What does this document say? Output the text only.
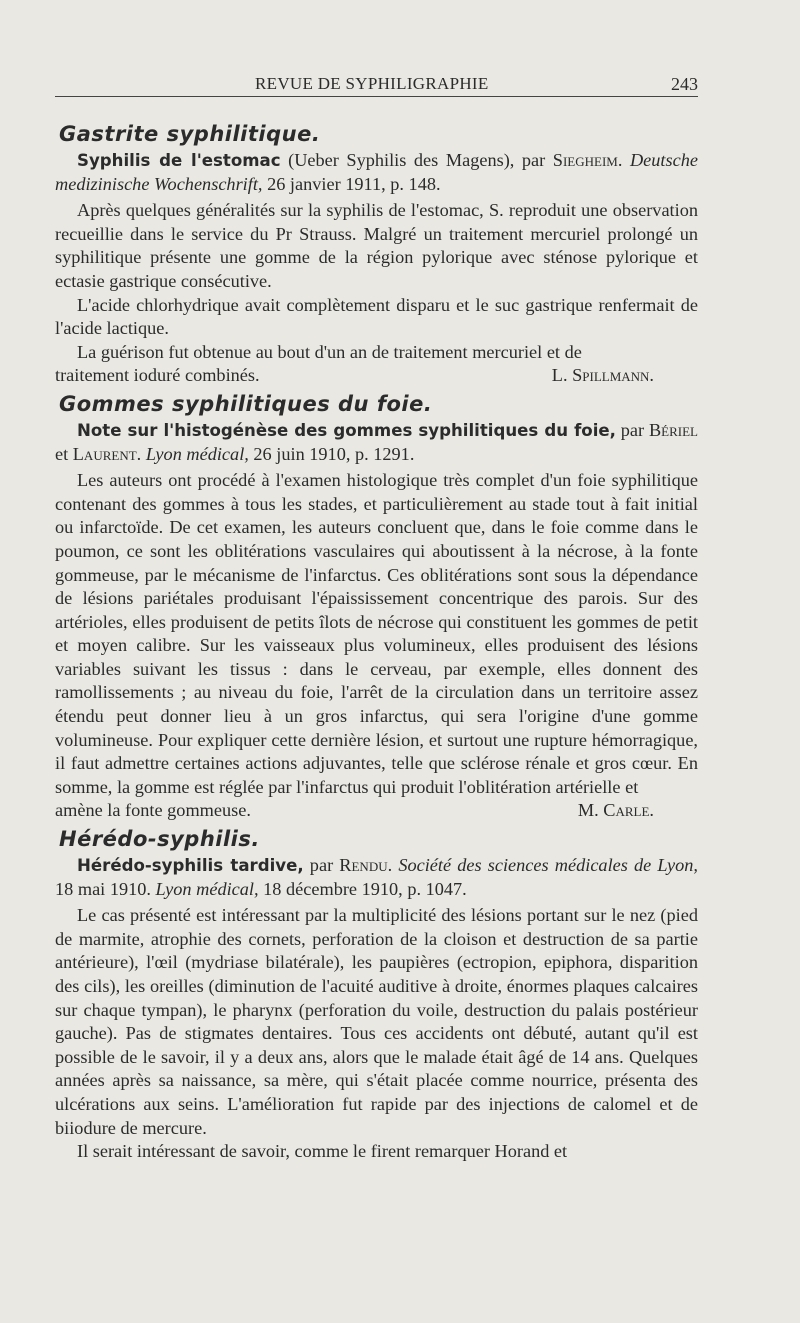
REVUE DE SYPHILIGRAPHIE	243
Gastrite syphilitique.

Syphilis de l'estomac (Ueber Syphilis des Magens), par Siegheim. Deutsche medizinische Wochenschrift, 26 janvier 1911, p. 148.

Après quelques généralités sur la syphilis de l'estomac, S. reproduit une observation recueillie dans le service du Pr Strauss. Malgré un traitement mercuriel prolongé un syphilitique présente une gomme de la région pylorique avec sténose pylorique et ectasie gastrique consécutive.

L'acide chlorhydrique avait complètement disparu et le suc gastrique renfermait de l'acide lactique.

La guérison fut obtenue au bout d'un an de traitement mercuriel et de

traitement ioduré combinés.	L. Spillmann.
Gommes syphilitiques du foie.

Note sur l'histogénèse des gommes syphilitiques du foie, par Bériel et Laurent. Lyon médical, 26 juin 1910, p. 1291.

Les auteurs ont procédé à l'examen histologique très complet d'un foie syphilitique contenant des gommes à tous les stades, et particulièrement au stade tout à fait initial ou infarctoïde. De cet examen, les auteurs concluent que, dans le foie comme dans le poumon, ce sont les oblitérations vasculaires qui aboutissent à la nécrose, à la fonte gommeuse, par le mécanisme de l'infarctus. Ces oblitérations sont sous la dépendance de lésions pariétales produisant l'épaississement concentrique des parois. Sur des artérioles, elles produisent de petits îlots de nécrose qui constituent les gommes de petit et moyen calibre. Sur les vaisseaux plus volumineux, elles produisent des lésions variables suivant les tissus : dans le cerveau, par exemple, elles donnent des ramollissements ; au niveau du foie, l'arrêt de la circulation dans un territoire assez étendu peut donner lieu à un gros infarctus, qui sera l'origine d'une gomme volumineuse. Pour expliquer cette dernière lésion, et surtout une rupture hémorragique, il faut admettre certaines actions adjuvantes, telle que sclérose rénale et gros cœur. En somme, la gomme est réglée par l'infarctus qui produit l'oblitération artérielle et

amène la fonte gommeuse.	M. Carle.
Hérédo-syphilis.

Hérédo-syphilis tardive, par Rendu. Société des sciences médicales de Lyon, 18 mai 1910. Lyon médical, 18 décembre 1910, p. 1047.

Le cas présenté est intéressant par la multiplicité des lésions portant sur le nez (pied de marmite, atrophie des cornets, perforation de la cloison et destruction de sa partie antérieure), l'œil (mydriase bilatérale), les paupières (ectropion, epiphora, disparition des cils), les oreilles (diminution de l'acuité auditive à droite, énormes plaques calcaires sur chaque tympan), le pharynx (perforation du voile, destruction du palais postérieur gauche). Pas de stigmates dentaires. Tous ces accidents ont débuté, autant qu'il est possible de le savoir, il y a deux ans, alors que le malade était âgé de 14 ans. Quelques années après sa naissance, sa mère, qui s'était placée comme nourrice, présenta des ulcérations aux seins. L'amélioration fut rapide par des injections de calomel et de biiodure de mercure.

Il serait intéressant de savoir, comme le firent remarquer Horand et
